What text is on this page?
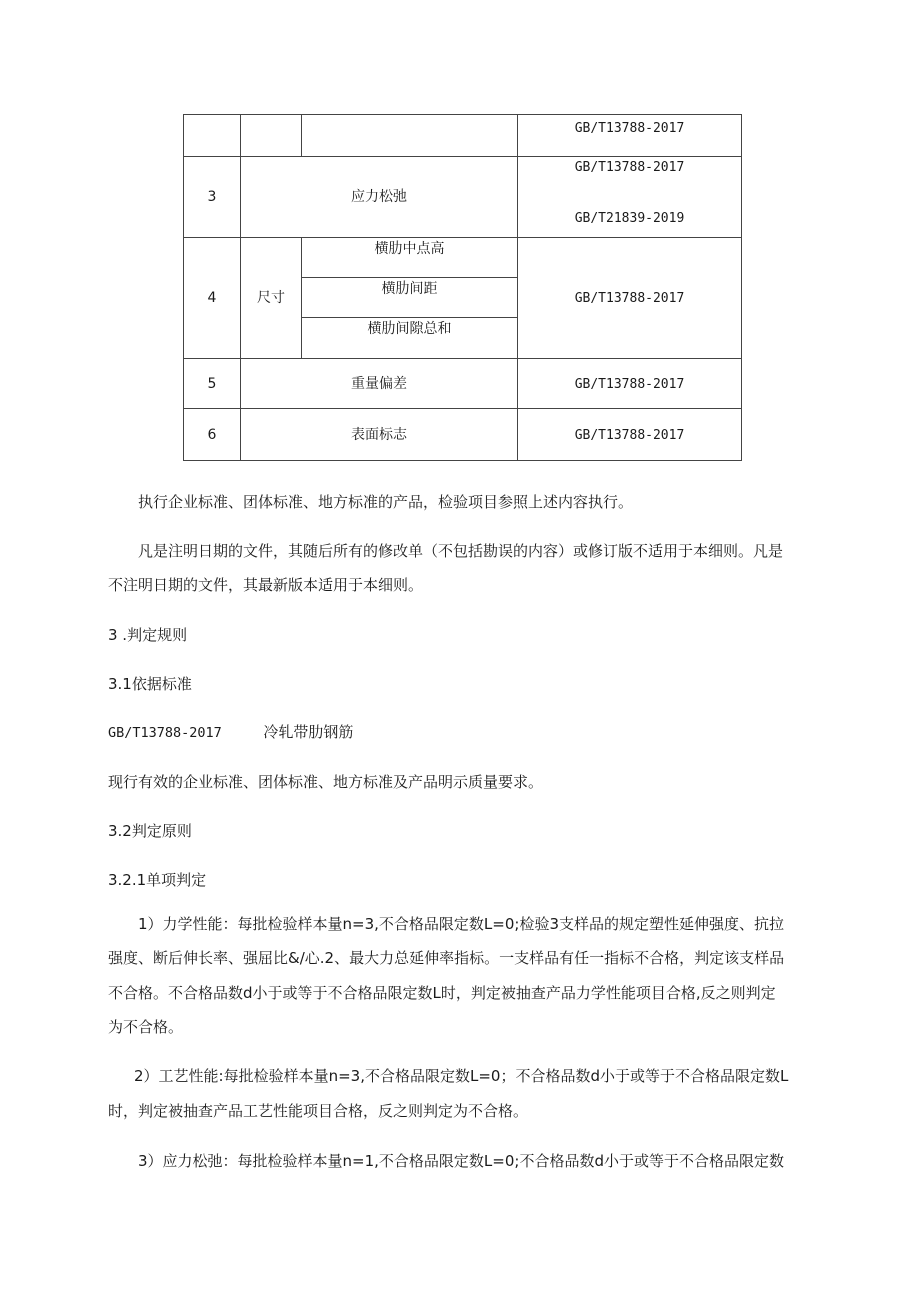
			GB/T13788-2017
3	应力松弛		GB/T13788-2017
GB/T21839-2019

4	尺寸	横肋中点高	GB/T13788-2017
		横肋间距	
		横肋间隙总和	
5	重量偏差		GB/T13788-2017
6	表面标志		GB/T13788-2017
执行企业标准、团体标准、地方标准的产品，检验项目参照上述内容执行。
凡是注明日期的文件，其随后所有的修改单（不包括勘误的内容）或修订版不适用于本细则。凡是
不注明日期的文件，其最新版本适用于本细则。
3 .判定规则
3.1依据标准
GB/T13788-2017	冷轧带肋钢筋
现行有效的企业标准、团体标准、地方标准及产品明示质量要求。
3.2判定原则
3.2.1单项判定
1）力学性能：每批检验样本量n=3,不合格品限定数L=0;检验3支样品的规定塑性延伸强度、抗拉
强度、断后伸长率、强屈比&/心.2、最大力总延伸率指标。一支样品有任一指标不合格，判定该支样品
不合格。不合格品数d小于或等于不合格品限定数L时，判定被抽查产品力学性能项目合格,反之则判定
为不合格。
2）工艺性能:每批检验样本量n=3,不合格品限定数L=0；不合格品数d小于或等于不合格品限定数L
时，判定被抽查产品工艺性能项目合格，反之则判定为不合格。
3）应力松弛：每批检验样本量n=1,不合格品限定数L=0;不合格品数d小于或等于不合格品限定数
